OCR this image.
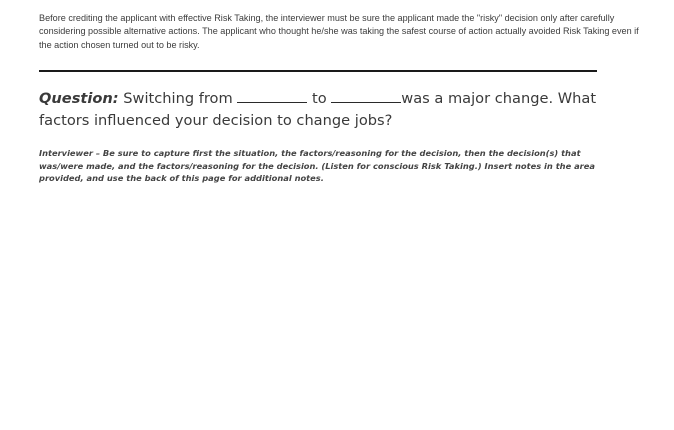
Before crediting the applicant with effective Risk Taking, the interviewer must be sure the applicant made the "risky" decision only after carefully considering possible alternative actions. The applicant who thought he/she was taking the safest course of action actually avoided Risk Taking even if the action chosen turned out to be risky.

Question: Switching from	to	was a major change. What factors influenced your decision to change jobs?

Interviewer – Be sure to capture first the situation, the factors/reasoning for the decision, then the decision(s) that was/were made, and the factors/reasoning for the decision. (Listen for conscious Risk Taking.) Insert notes in the area provided, and use the back of this page for additional notes.
